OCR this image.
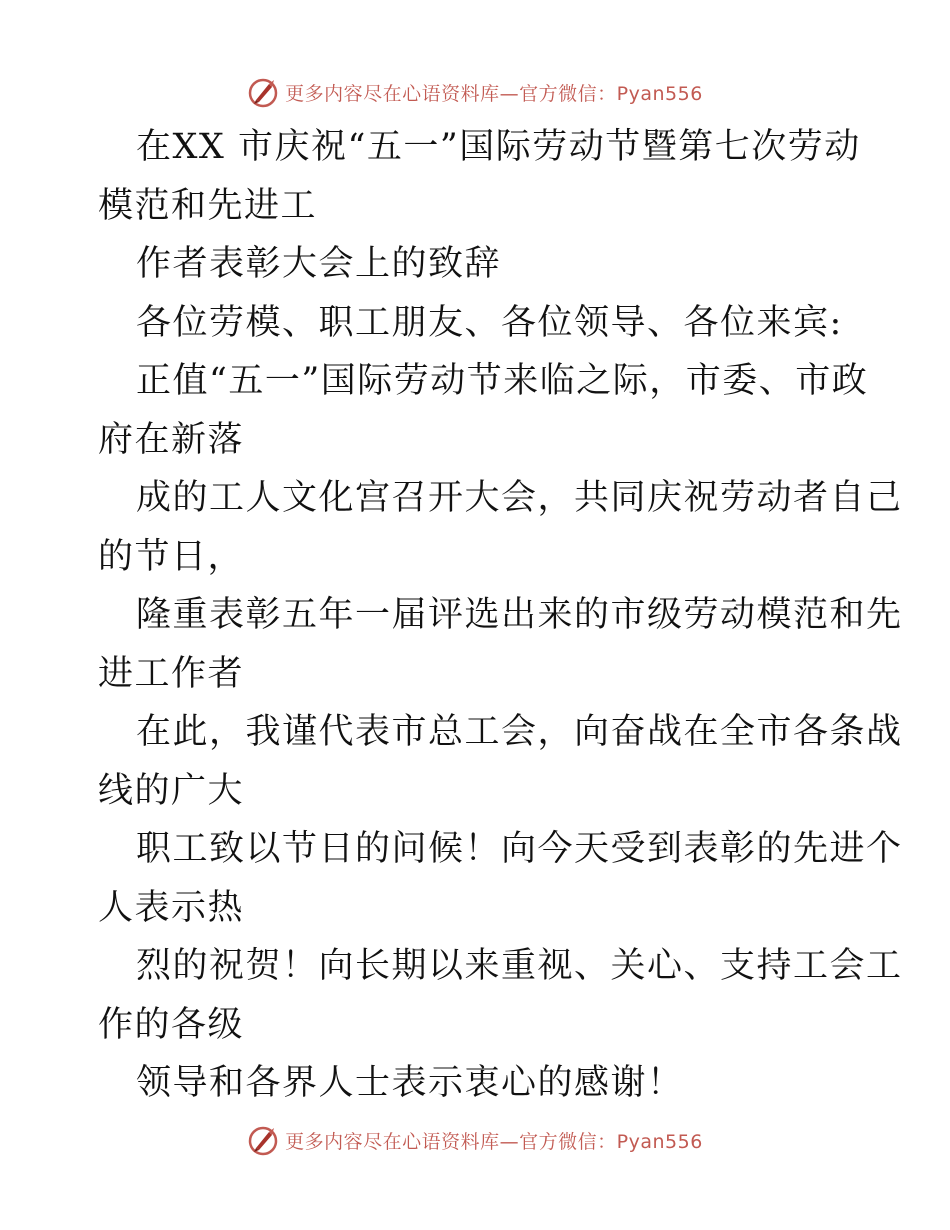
更多内容尽在心语资料库—官方微信：Pyan556
在XX 市庆祝“五一”国际劳动节暨第七次劳动
模范和先进工
作者表彰大会上的致辞
各位劳模、职工朋友、各位领导、各位来宾:
正值“五一”国际劳动节来临之际，市委、市政
府在新落
成的工人文化宫召开大会，共同庆祝劳动者自己
的节日，
隆重表彰五年一届评选出来的市级劳动模范和先
进工作者
在此，我谨代表市总工会，向奋战在全市各条战
线的广大
职工致以节日的问候！向今天受到表彰的先进个
人表示热
烈的祝贺！向长期以来重视、关心、支持工会工
作的各级
领导和各界人士表示衷心的感谢！
更多内容尽在心语资料库—官方微信：Pyan556
